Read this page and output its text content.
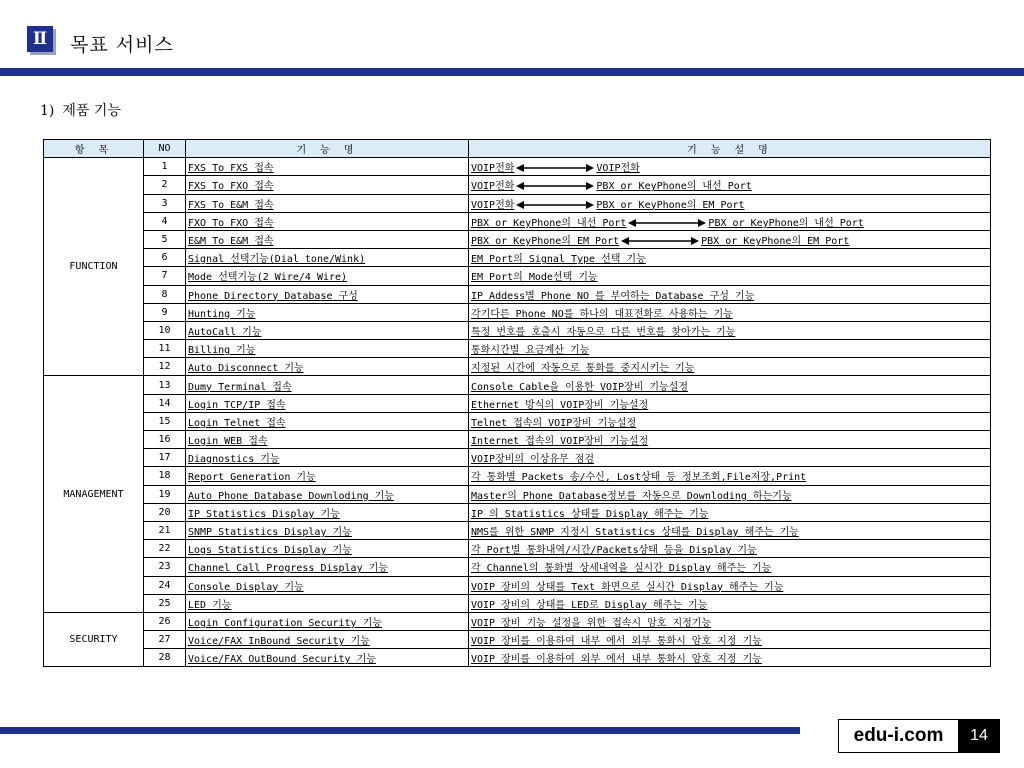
Ⅱ	목표 서비스
1) 제품 기능
항 목	NO	기 능 명	기 능 설 명
FUNCTION	1	FXS To FXS 접속	VOIP전화 VOIP전화
	2	FXS To FXO 접속	VOIP전화 PBX or KeyPhone의 내선 Port
	3	FXS To E&M 접속	VOIP전화 PBX or KeyPhone의 EM Port
	4	FXO To FXO 접속	PBX or KeyPhone의 내선 Port PBX or KeyPhone의 내선 Port
	5	E&M To E&M 접속	PBX or KeyPhone의 EM Port PBX or KeyPhone의 EM Port
	6	Signal 선택기능(Dial tone/Wink)	EM Port의 Signal Type 선택 기능
	7	Mode 선택기능(2 Wire/4 Wire)	EM Port의 Mode선택 기능
	8	Phone Directory Database 구성	IP Addess별 Phone NO 를 부여하는 Database 구성 기능
	9	Hunting 기능	각기다른 Phone NO를 하나의 대표전화로 사용하는 기능
	10	AutoCall 기능	특정 번호를 호출시 자동으로 다른 번호를 찾아가는 기능
	11	Billing 기능	통화시간별 요금계산 기능
	12	Auto Disconnect 기능	지정된 시간에 자동으로 통화를 중지시키는 기능
MANAGEMENT	13	Dumy Terminal 접속	Console Cable을 이용한 VOIP장비 기능설정
	14	Login TCP/IP 접속	Ethernet 방식의 VOIP장비 기능설정
	15	Login Telnet 접속	Telnet 접속의 VOIP장비 기능설정
	16	Login WEB 접속	Internet 접속의 VOIP장비 기능설정
	17	Diagnostics 기능	VOIP장비의 이상유무 점검
	18	Report Generation 기능	각 통화별 Packets 송/수신, Lost상태 등 정보조회,File저장,Print
	19	Auto Phone Database Downloding 기능	Master의 Phone Database정보를 자동으로 Downloding 하는기능
	20	IP Statistics Display 기능	IP 의 Statistics 상태를 Display 해주는 기능
	21	SNMP Statistics Display 기능	NMS를 위한 SNMP 지정시 Statistics 상태를 Display 해주는 기능
	22	Logs Statistics Display 기능	각 Port별 통화내역/시간/Packets상태 등을 Display 기능
	23	Channel Call Progress Display 기능	각 Channel의 통화별 상세내역을 실시간 Display 해주는 기능
	24	Console Display 기능	VOIP 장비의 상태를 Text 화면으로 실시간 Display 해주는 기능
	25	LED 기능	VOIP 장비의 상태를 LED로 Display 해주는 기능
SECURITY	26	Login Configuration Security 기능	VOIP 장비 기능 설정을 위한 접속시 암호 지정기능
	27	Voice/FAX InBound Security 기능	VOIP 장비를 이용하여 내부 에서 외부 통화시 암호 지정 기능
	28	Voice/FAX OutBound Security 기능	VOIP 장비를 이용하여 외부 에서 내부 통화시 암호 지정 기능
edu-i.com	14
